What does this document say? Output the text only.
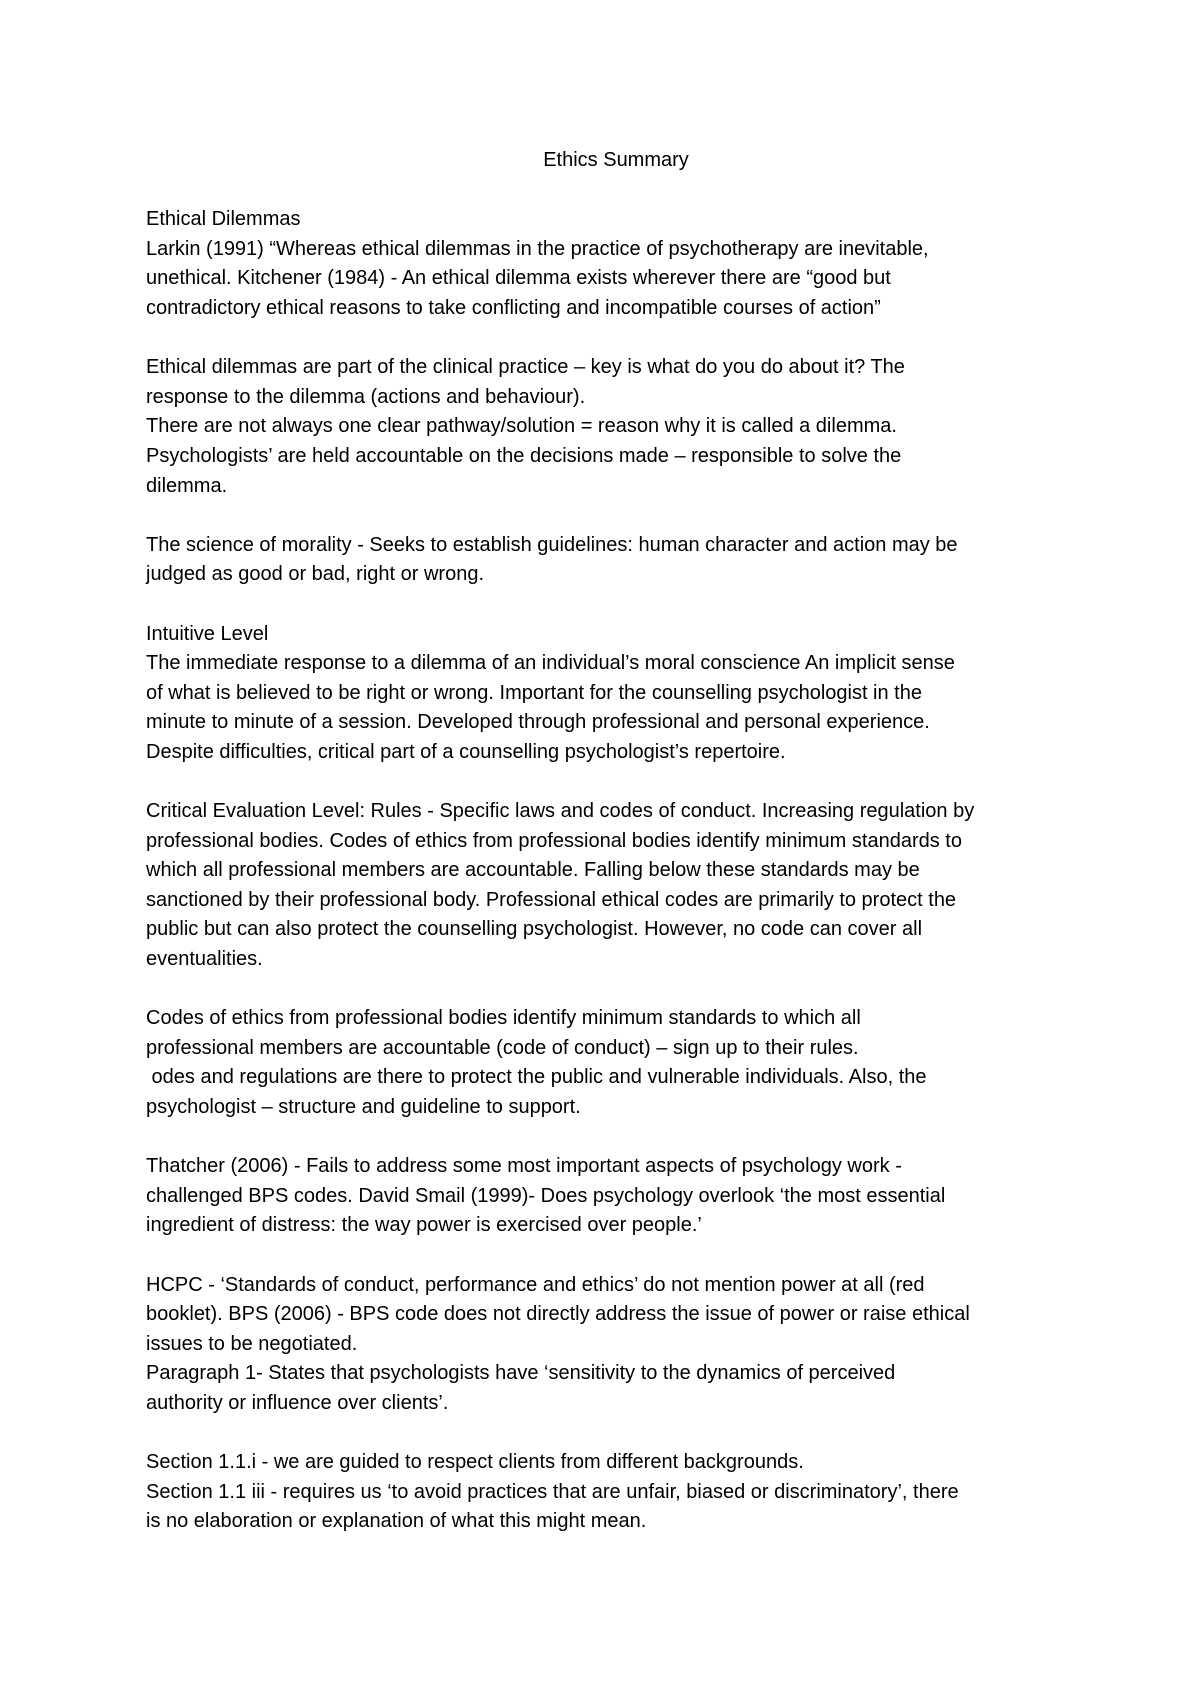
Ethics Summary
Ethical Dilemmas
Larkin (1991) “Whereas ethical dilemmas in the practice of psychotherapy are inevitable,
unethical. Kitchener (1984) - An ethical dilemma exists wherever there are “good but
contradictory ethical reasons to take conflicting and incompatible courses of action”
Ethical dilemmas are part of the clinical practice – key is what do you do about it? The
response to the dilemma (actions and behaviour).
There are not always one clear pathway/solution = reason why it is called a dilemma.
Psychologists’ are held accountable on the decisions made – responsible to solve the
dilemma.
The science of morality - Seeks to establish guidelines: human character and action may be
judged as good or bad, right or wrong.
Intuitive Level
The immediate response to a dilemma of an individual’s moral conscience An implicit sense
of what is believed to be right or wrong. Important for the counselling psychologist in the
minute to minute of a session. Developed through professional and personal experience.
Despite difficulties, critical part of a counselling psychologist’s repertoire.
Critical Evaluation Level: Rules - Specific laws and codes of conduct. Increasing regulation by
professional bodies. Codes of ethics from professional bodies identify minimum standards to
which all professional members are accountable. Falling below these standards may be
sanctioned by their professional body. Professional ethical codes are primarily to protect the
public but can also protect the counselling psychologist. However, no code can cover all
eventualities.
Codes of ethics from professional bodies identify minimum standards to which all
professional members are accountable (code of conduct) – sign up to their rules.
odes and regulations are there to protect the public and vulnerable individuals. Also, the
psychologist – structure and guideline to support.
Thatcher (2006) - Fails to address some most important aspects of psychology work -
challenged BPS codes. David Smail (1999)- Does psychology overlook ‘the most essential
ingredient of distress: the way power is exercised over people.’
HCPC - ‘Standards of conduct, performance and ethics’ do not mention power at all (red
booklet). BPS (2006) - BPS code does not directly address the issue of power or raise ethical
issues to be negotiated.
Paragraph 1- States that psychologists have ‘sensitivity to the dynamics of perceived
authority or influence over clients’.
Section 1.1.i - we are guided to respect clients from different backgrounds.
Section 1.1 iii - requires us ‘to avoid practices that are unfair, biased or discriminatory’, there
is no elaboration or explanation of what this might mean.
